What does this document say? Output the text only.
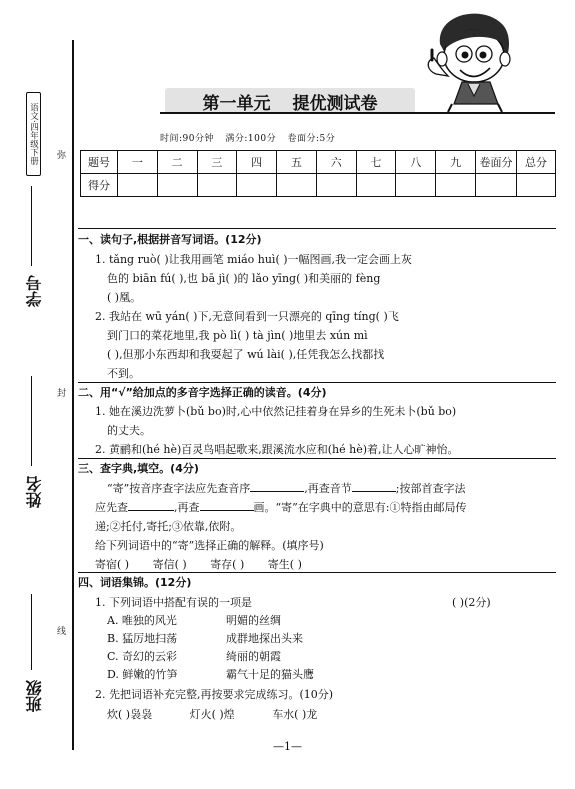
语文·四年级下册
学号
姓名
班级
弥
封
线
第一单元 提优测试卷
时间:90分钟 满分:100分 卷面分:5分
题号	一	二	三	四	五	六	七	八	九	卷面分	总分
得分											
一、读句子,根据拼音写词语。(12分)
1. tǎng ruò( )让我用画笔 miáo huì( )一幅图画,我一定会画上灰
色的 biān fú( ),也 bā jì( )的 lǎo yīng( )和美丽的 fèng
( )凰。
2. 我站在 wū yán( )下,无意间看到一只漂亮的 qīng tíng( )飞
到门口的菜花地里,我 pò lì( ) tà jìn( )地里去 xún mì
( ),但那小东西却和我耍起了 wú lài( ),任凭我怎么找都找
不到。
二、用“√”给加点的多音字选择正确的读音。(4分)
1. 她在溪边洗萝卜(bǔ bo)时,心中依然记挂着身在异乡的生死未卜(bǔ bo)
的丈夫。
2. 黄鹂和(hé hè)百灵鸟唱起歌来,跟溪流水应和(hé hè)着,让人心旷神怡。
三、查字典,填空。(4分)
“寄”按音序查字法应先查音序	,再查音节	;按部首查字法
应先查	,再查	画。“寄”在字典中的意思有:①特指由邮局传
递;②托付,寄托;③依靠,依附。
给下列词语中的“寄”选择正确的解释。(填序号)
寄宿( ) 寄信( ) 寄存( ) 寄生( )
四、词语集锦。(12分)
1. 下列词语中搭配有误的一项是	( )(2分)
A. 唯独的风光	明媚的丝绸
B. 猛厉地扫荡	成群地探出头来
C. 奇幻的云彩	绮丽的朝霞
D. 鲜嫩的竹笋	霸气十足的猫头鹰
2. 先把词语补充完整,再按要求完成练习。(10分)
炊( )袅袅	灯火( )煌	车水( )龙
—1—
